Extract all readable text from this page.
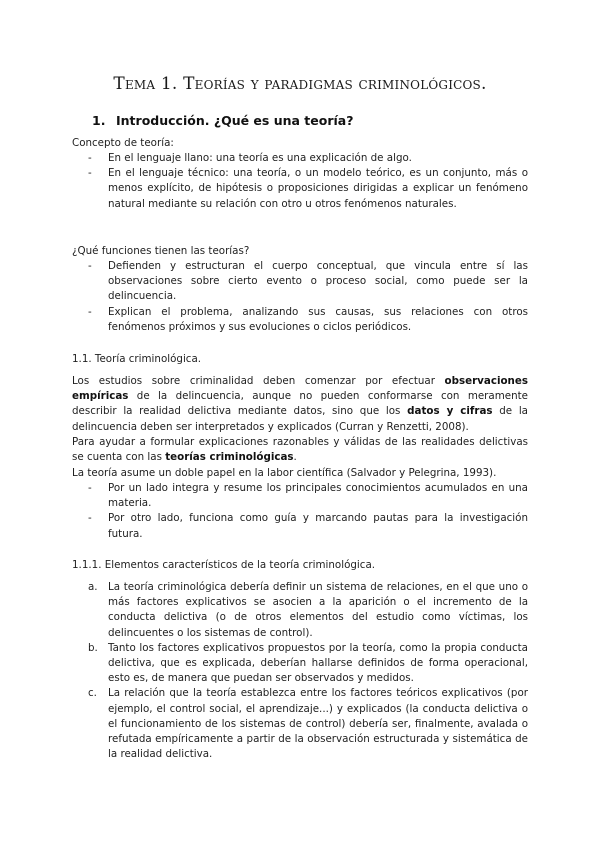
Tema 1. Teorías y paradigmas criminológicos.
1. Introducción. ¿Qué es una teoría?
Concepto de teoría:
-	En el lenguaje llano: una teoría es una explicación de algo.
-	En el lenguaje técnico: una teoría, o un modelo teórico, es un conjunto, más o menos explícito, de hipótesis o proposiciones dirigidas a explicar un fenómeno natural mediante su relación con otro u otros fenómenos naturales.
¿Qué funciones tienen las teorías?
-	Defienden y estructuran el cuerpo conceptual, que vincula entre sí las observaciones sobre cierto evento o proceso social, como puede ser la delincuencia.
-	Explican el problema, analizando sus causas, sus relaciones con otros fenómenos próximos y sus evoluciones o ciclos periódicos.
1.1. Teoría criminológica.
Los estudios sobre criminalidad deben comenzar por efectuar observaciones empíricas de la delincuencia, aunque no pueden conformarse con meramente describir la realidad delictiva mediante datos, sino que los datos y cifras de la delincuencia deben ser interpretados y explicados (Curran y Renzetti, 2008).
Para ayudar a formular explicaciones razonables y válidas de las realidades delictivas se cuenta con las teorías criminológicas.
La teoría asume un doble papel en la labor científica (Salvador y Pelegrina, 1993).
-	Por un lado integra y resume los principales conocimientos acumulados en una materia.
-	Por otro lado, funciona como guía y marcando pautas para la investigación futura.
1.1.1. Elementos característicos de la teoría criminológica.
a.	La teoría criminológica debería definir un sistema de relaciones, en el que uno o más factores explicativos se asocien a la aparición o el incremento de la conducta delictiva (o de otros elementos del estudio como víctimas, los delincuentes o los sistemas de control).
b. Tanto los factores explicativos propuestos por la teoría, como la propia conducta delictiva, que es explicada, deberían hallarse definidos de forma operacional, esto es, de manera que puedan ser observados y medidos.
c.	La relación que la teoría establezca entre los factores teóricos explicativos (por ejemplo, el control social, el aprendizaje...) y explicados (la conducta delictiva o el funcionamiento de los sistemas de control) debería ser, finalmente, avalada o refutada empíricamente a partir de la observación estructurada y sistemática de la realidad delictiva.
